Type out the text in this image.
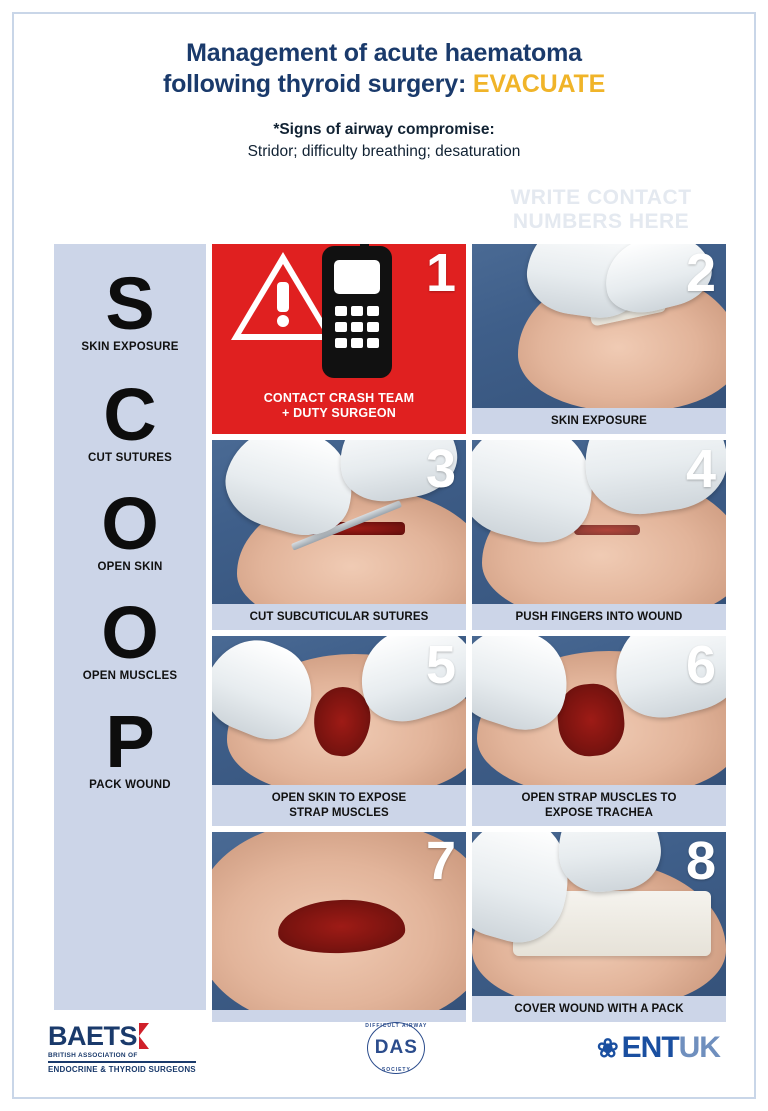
Management of acute haematoma
following thyroid surgery: EVACUATE
*Signs of airway compromise:
Stridor; difficulty breathing; desaturation
WRITE CONTACT
NUMBERS HERE
S
SKIN EXPOSURE
C
CUT SUTURES
O
OPEN SKIN
O
OPEN MUSCLES
P
PACK WOUND
1
CONTACT CRASH TEAM
+ DUTY SURGEON
2
SKIN EXPOSURE
3
CUT SUBCUTICULAR SUTURES
4
PUSH FINGERS INTO WOUND
5
OPEN SKIN TO EXPOSE
STRAP MUSCLES
6
OPEN STRAP MUSCLES TO
EXPOSE TRACHEA
7	8
COVER WOUND WITH A PACK
BAETS
BRITISH ASSOCIATION OF
ENDOCRINE & THYROID SURGEONS
DIFFICULT AIRWAY
DAS
SOCIETY
❀ ENT UK
